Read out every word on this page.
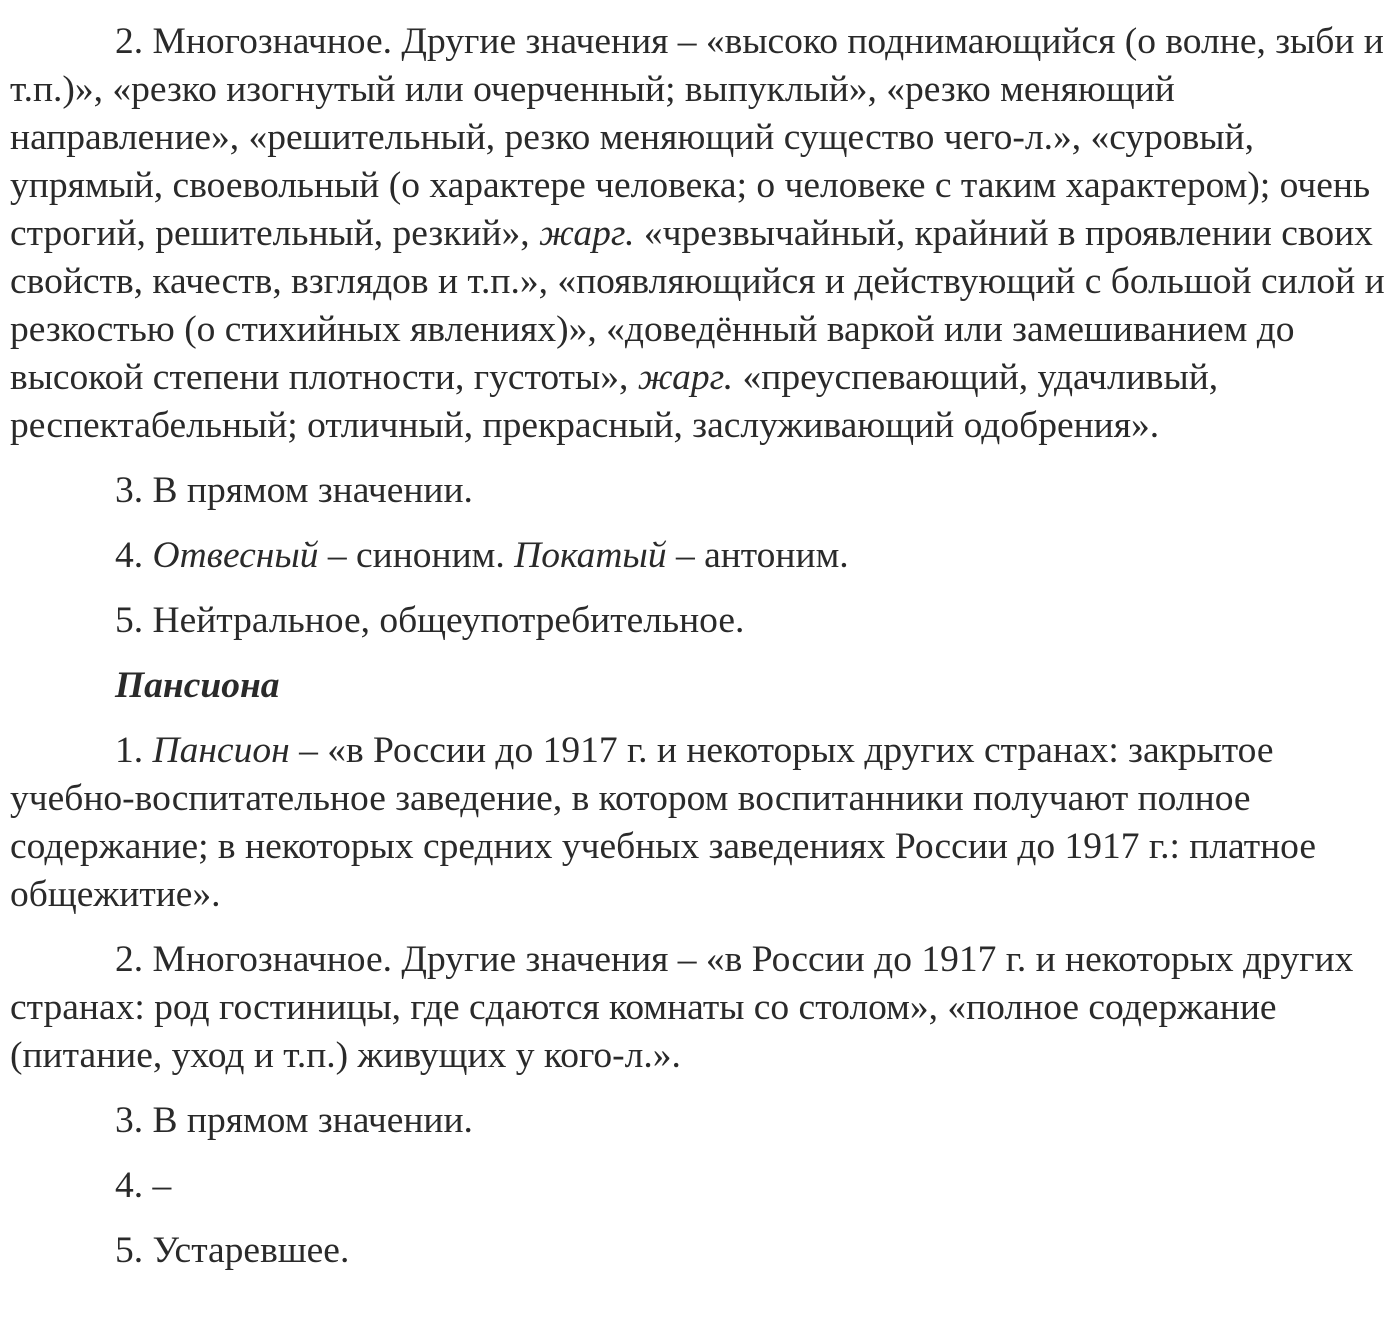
2. Многозначное. Другие значения – «высоко поднимающийся (о волне, зыби и т.п.)», «резко изогнутый или очерченный; выпуклый», «резко меняющий направление», «решительный, резко меняющий существо чего-л.», «суровый, упрямый, своевольный (о характере человека; о человеке с таким характером); очень строгий, решительный, резкий», жарг. «чрезвычайный, крайний в проявлении своих свойств, качеств, взглядов и т.п.», «появляющийся и действующий с большой силой и резкостью (о стихийных явлениях)», «доведённый варкой или замешиванием до высокой степени плотности, густоты», жарг. «преуспевающий, удачливый, респектабельный; отличный, прекрасный, заслуживающий одобрения».

3. В прямом значении.

4. Отвесный – синоним. Покатый – антоним.

5. Нейтральное, общеупотребительное.

Пансиона

1. Пансион – «в России до 1917 г. и некоторых других странах: закрытое учебно-воспитательное заведение, в котором воспитанники получают полное содержание; в некоторых средних учебных заведениях России до 1917 г.: платное общежитие».

2. Многозначное. Другие значения – «в России до 1917 г. и некоторых других странах: род гостиницы, где сдаются комнаты со столом», «полное содержание (питание, уход и т.п.) живущих у кого-л.».

3. В прямом значении.

4. –

5. Устаревшее.
